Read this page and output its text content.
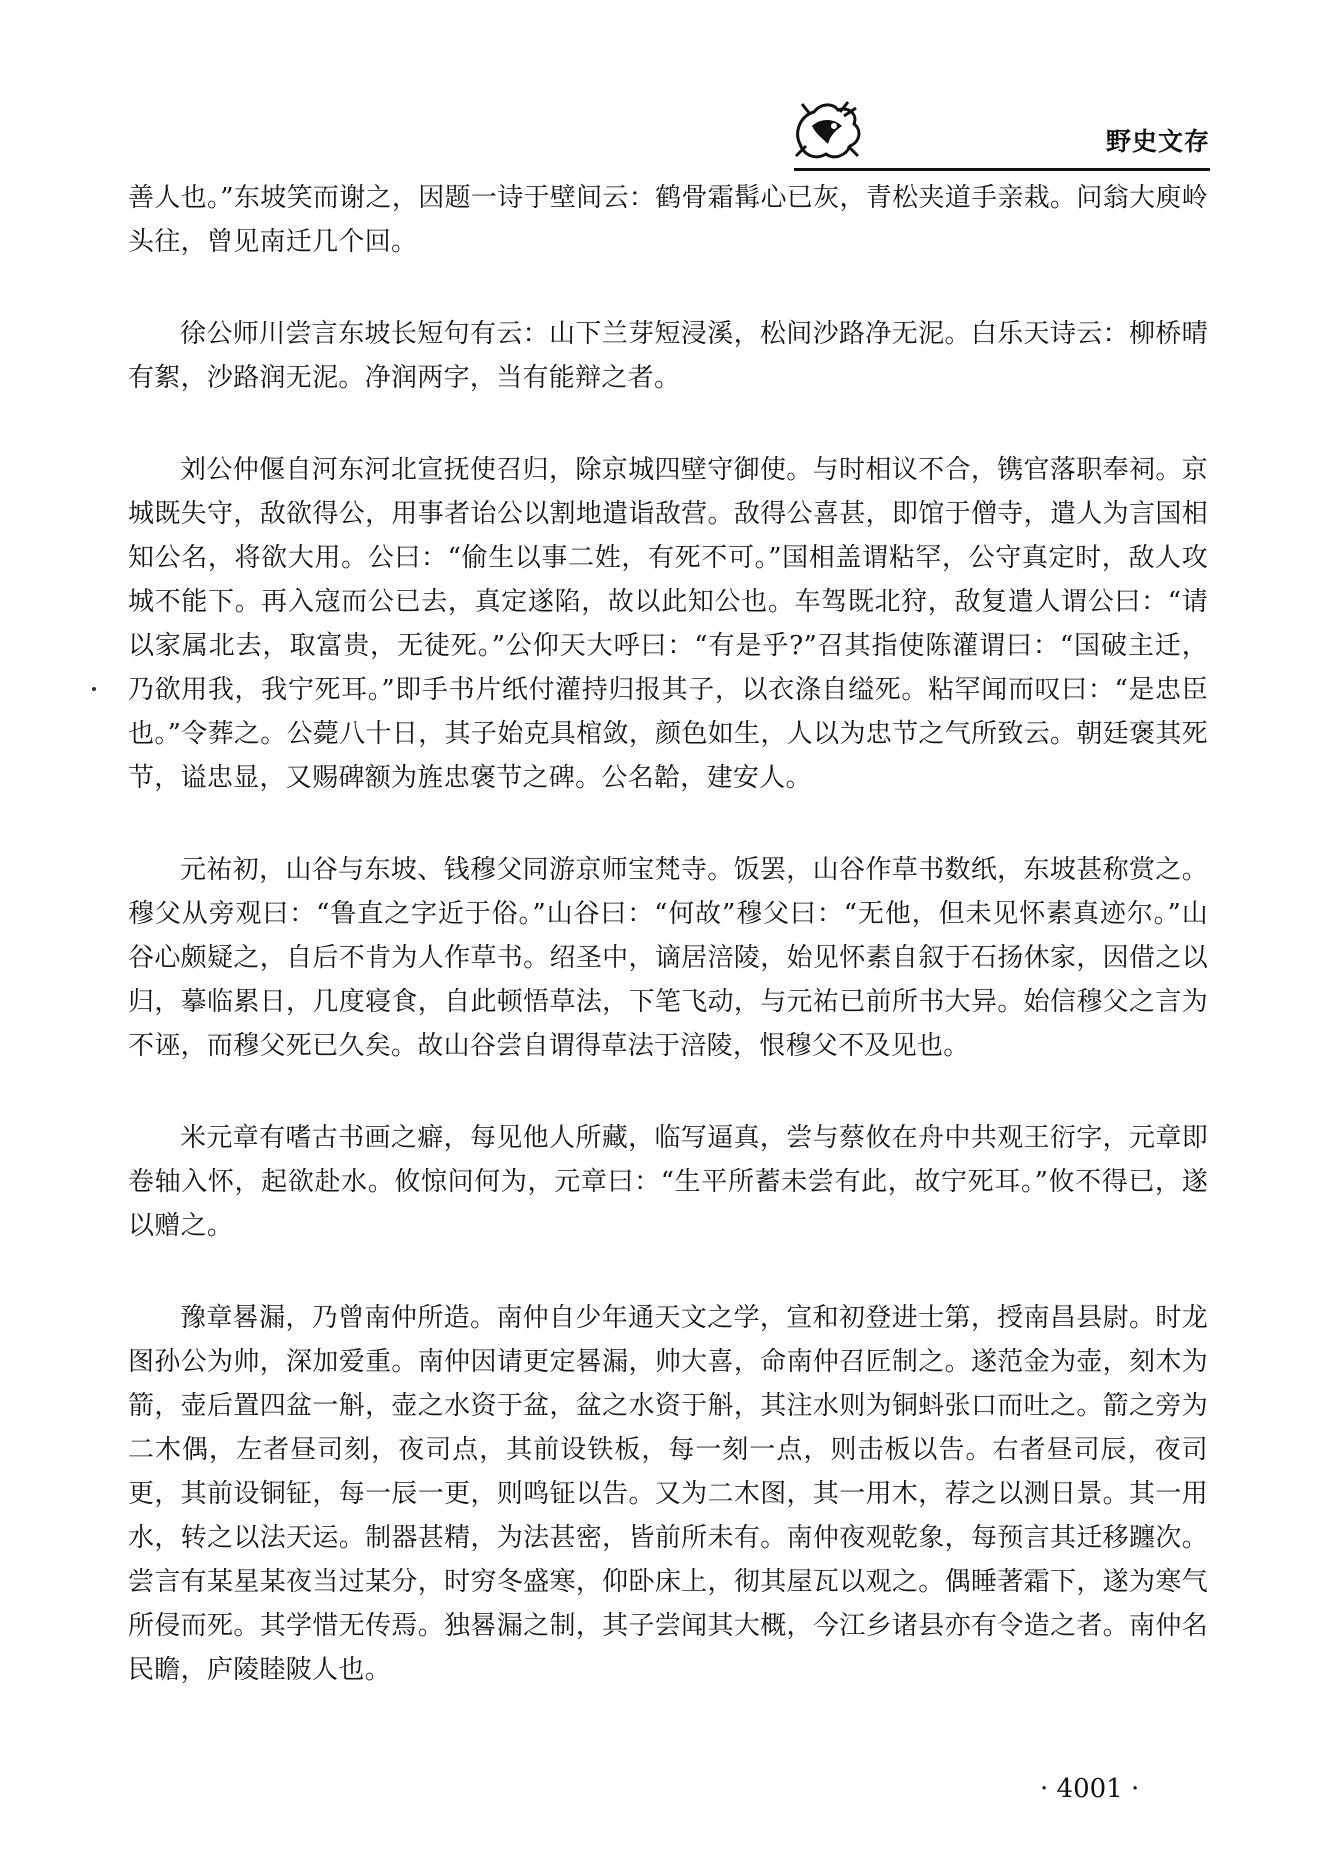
野史文存

善人也。”东坡笑而谢之，因题一诗于壁间云：鹤骨霜髯心已灰，青松夹道手亲栽。问翁大庾岭头往，曾见南迁几个回。

徐公师川尝言东坡长短句有云：山下兰芽短浸溪，松间沙路净无泥。白乐天诗云：柳桥晴有絮，沙路润无泥。净润两字，当有能辩之者。

刘公仲偃自河东河北宣抚使召归，除京城四壁守御使。与时相议不合，镌官落职奉祠。京城既失守，敌欲得公，用事者诒公以割地遣诣敌营。敌得公喜甚，即馆于僧寺，遣人为言国相知公名，将欲大用。公曰：“偷生以事二姓，有死不可。”国相盖谓粘罕，公守真定时，敌人攻城不能下。再入寇而公已去，真定遂陷，故以此知公也。车驾既北狩，敌复遣人谓公曰：“请以家属北去，取富贵，无徒死。”公仰天大呼曰：“有是乎?”召其指使陈灌谓曰：“国破主迁，乃欲用我，我宁死耳。”即手书片纸付灌持归报其子，以衣涤自缢死。粘罕闻而叹曰：“是忠臣也。”令葬之。公薨八十日，其子始克具棺敛，颜色如生，人以为忠节之气所致云。朝廷褒其死节，谥忠显，又赐碑额为旌忠褒节之碑。公名韐，建安人。

元祐初，山谷与东坡、钱穆父同游京师宝梵寺。饭罢，山谷作草书数纸，东坡甚称赏之。穆父从旁观曰：“鲁直之字近于俗。”山谷曰：“何故”穆父曰：“无他，但未见怀素真迹尔。”山谷心颇疑之，自后不肯为人作草书。绍圣中，谪居涪陵，始见怀素自叙于石扬休家，因借之以归，摹临累日，几度寝食，自此顿悟草法，下笔飞动，与元祐已前所书大异。始信穆父之言为不诬，而穆父死已久矣。故山谷尝自谓得草法于涪陵，恨穆父不及见也。

米元章有嗜古书画之癖，每见他人所藏，临写逼真，尝与蔡攸在舟中共观王衍字，元章即卷轴入怀，起欲赴水。攸惊问何为，元章曰：“生平所蓄未尝有此，故宁死耳。”攸不得已，遂以赠之。

豫章晷漏，乃曾南仲所造。南仲自少年通天文之学，宣和初登进士第，授南昌县尉。时龙图孙公为帅，深加爱重。南仲因请更定晷漏，帅大喜，命南仲召匠制之。遂范金为壶，刻木为箭，壶后置四盆一斛，壶之水资于盆，盆之水资于斛，其注水则为铜蚪张口而吐之。箭之旁为二木偶，左者昼司刻，夜司点，其前设铁板，每一刻一点，则击板以告。右者昼司辰，夜司更，其前设铜钲，每一辰一更，则鸣钲以告。又为二木图，其一用木，荐之以测日景。其一用水，转之以法天运。制器甚精，为法甚密，皆前所未有。南仲夜观乾象，每预言其迁移躔次。尝言有某星某夜当过某分，时穷冬盛寒，仰卧床上，彻其屋瓦以观之。偶睡著霜下，遂为寒气所侵而死。其学惜无传焉。独晷漏之制，其子尝闻其大概，今江乡诸县亦有令造之者。南仲名民瞻，庐陵睦陂人也。

· 4001 ·
